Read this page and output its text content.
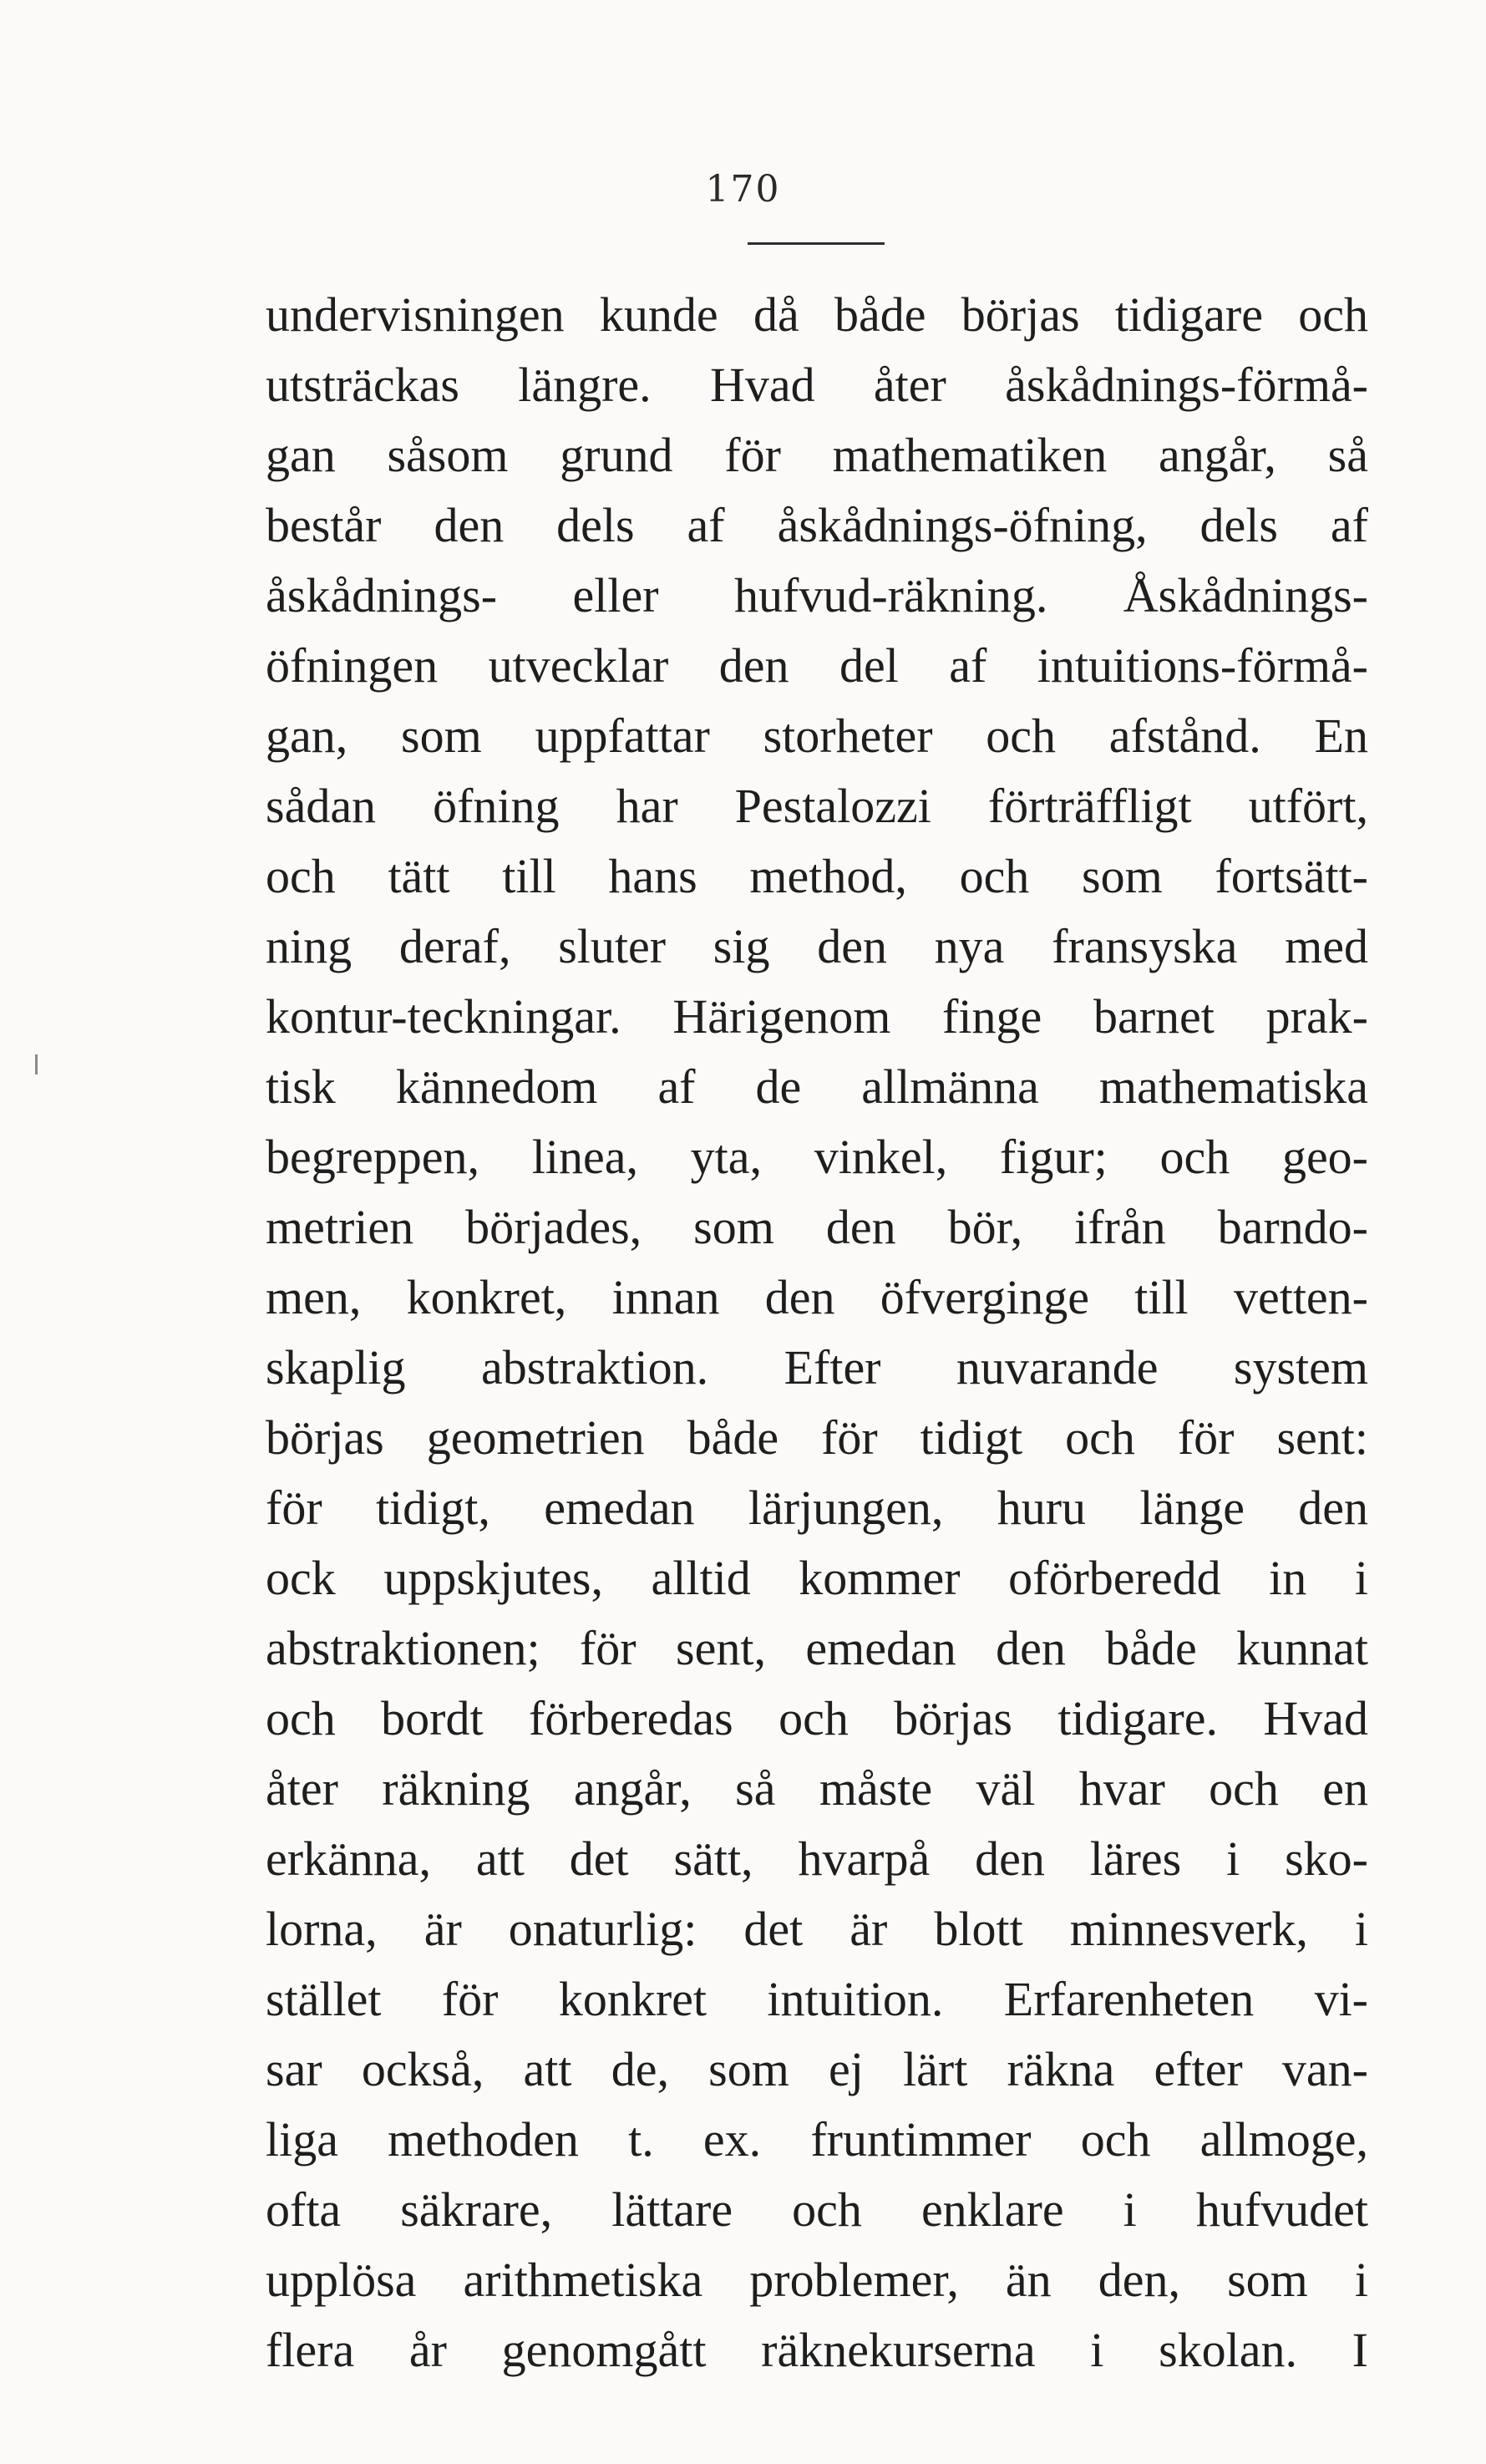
170
undervisningen kunde då både börjas tidigare och
utsträckas längre. Hvad åter åskådnings-förmå-
gan såsom grund för mathematiken angår, så
består den dels af åskådnings-öfning, dels af
åskådnings- eller hufvud-räkning. Åskådnings-
öfningen utvecklar den del af intuitions-förmå-
gan, som uppfattar storheter och afstånd. En
sådan öfning har Pestalozzi förträffligt utfört,
och tätt till hans method, och som fortsätt-
ning deraf, sluter sig den nya fransyska med
kontur-teckningar. Härigenom finge barnet prak-
tisk kännedom af de allmänna mathematiska
begreppen, linea, yta, vinkel, figur; och geo-
metrien börjades, som den bör, ifrån barndo-
men, konkret, innan den öfverginge till vetten-
skaplig abstraktion. Efter nuvarande system
börjas geometrien både för tidigt och för sent:
för tidigt, emedan lärjungen, huru länge den
ock uppskjutes, alltid kommer oförberedd in i
abstraktionen; för sent, emedan den både kunnat
och bordt förberedas och börjas tidigare. Hvad
åter räkning angår, så måste väl hvar och en
erkänna, att det sätt, hvarpå den läres i sko-
lorna, är onaturlig: det är blott minnesverk, i
stället för konkret intuition. Erfarenheten vi-
sar också, att de, som ej lärt räkna efter van-
liga methoden t. ex. fruntimmer och allmoge,
ofta säkrare, lättare och enklare i hufvudet
upplösa arithmetiska problemer, än den, som i
flera år genomgått räknekurserna i skolan. I
